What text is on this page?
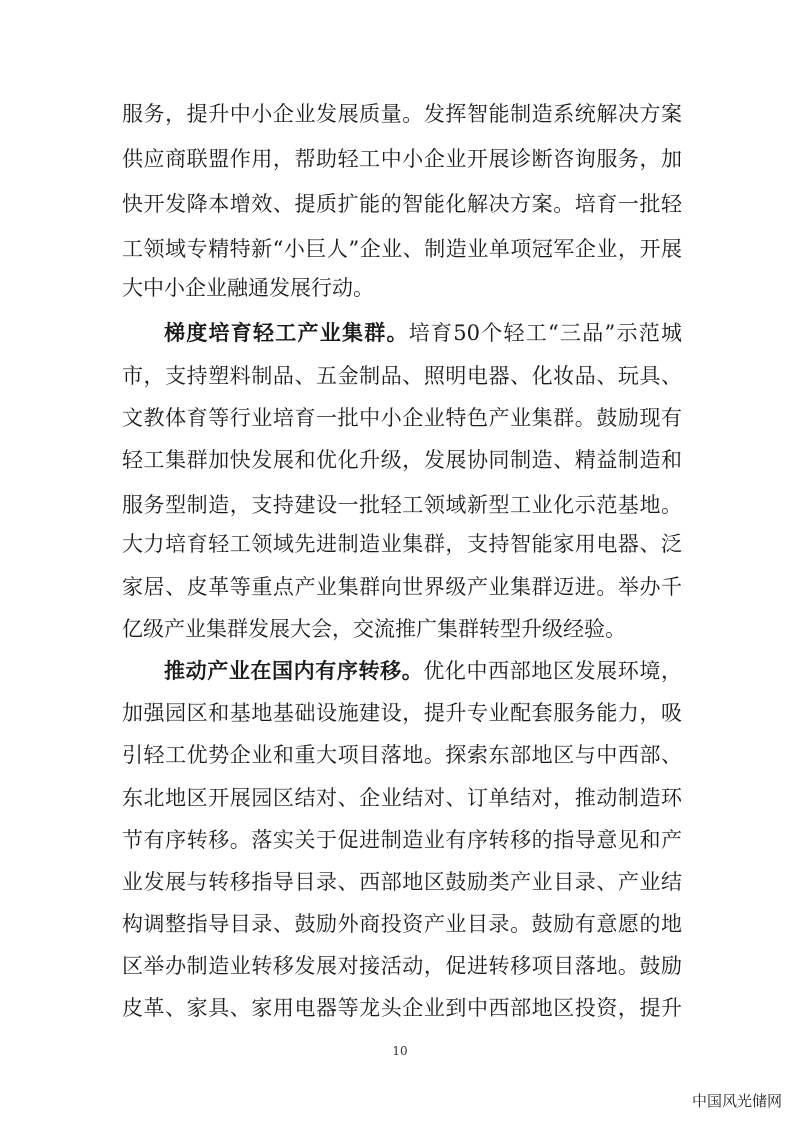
服务，提升中小企业发展质量。发挥智能制造系统解决方案
供应商联盟作用，帮助轻工中小企业开展诊断咨询服务，加
快开发降本增效、提质扩能的智能化解决方案。培育一批轻
工领域专精特新“小巨人”企业、制造业单项冠军企业，开展
大中小企业融通发展行动。
梯度培育轻工产业集群。培育50个轻工“三品”示范城
市，支持塑料制品、五金制品、照明电器、化妆品、玩具、
文教体育等行业培育一批中小企业特色产业集群。鼓励现有
轻工集群加快发展和优化升级，发展协同制造、精益制造和
服务型制造，支持建设一批轻工领域新型工业化示范基地。
大力培育轻工领域先进制造业集群，支持智能家用电器、泛
家居、皮革等重点产业集群向世界级产业集群迈进。举办千
亿级产业集群发展大会，交流推广集群转型升级经验。
推动产业在国内有序转移。优化中西部地区发展环境，
加强园区和基地基础设施建设，提升专业配套服务能力，吸
引轻工优势企业和重大项目落地。探索东部地区与中西部、
东北地区开展园区结对、企业结对、订单结对，推动制造环
节有序转移。落实关于促进制造业有序转移的指导意见和产
业发展与转移指导目录、西部地区鼓励类产业目录、产业结
构调整指导目录、鼓励外商投资产业目录。鼓励有意愿的地
区举办制造业转移发展对接活动，促进转移项目落地。鼓励
皮革、家具、家用电器等龙头企业到中西部地区投资，提升
10
中国风光储网
